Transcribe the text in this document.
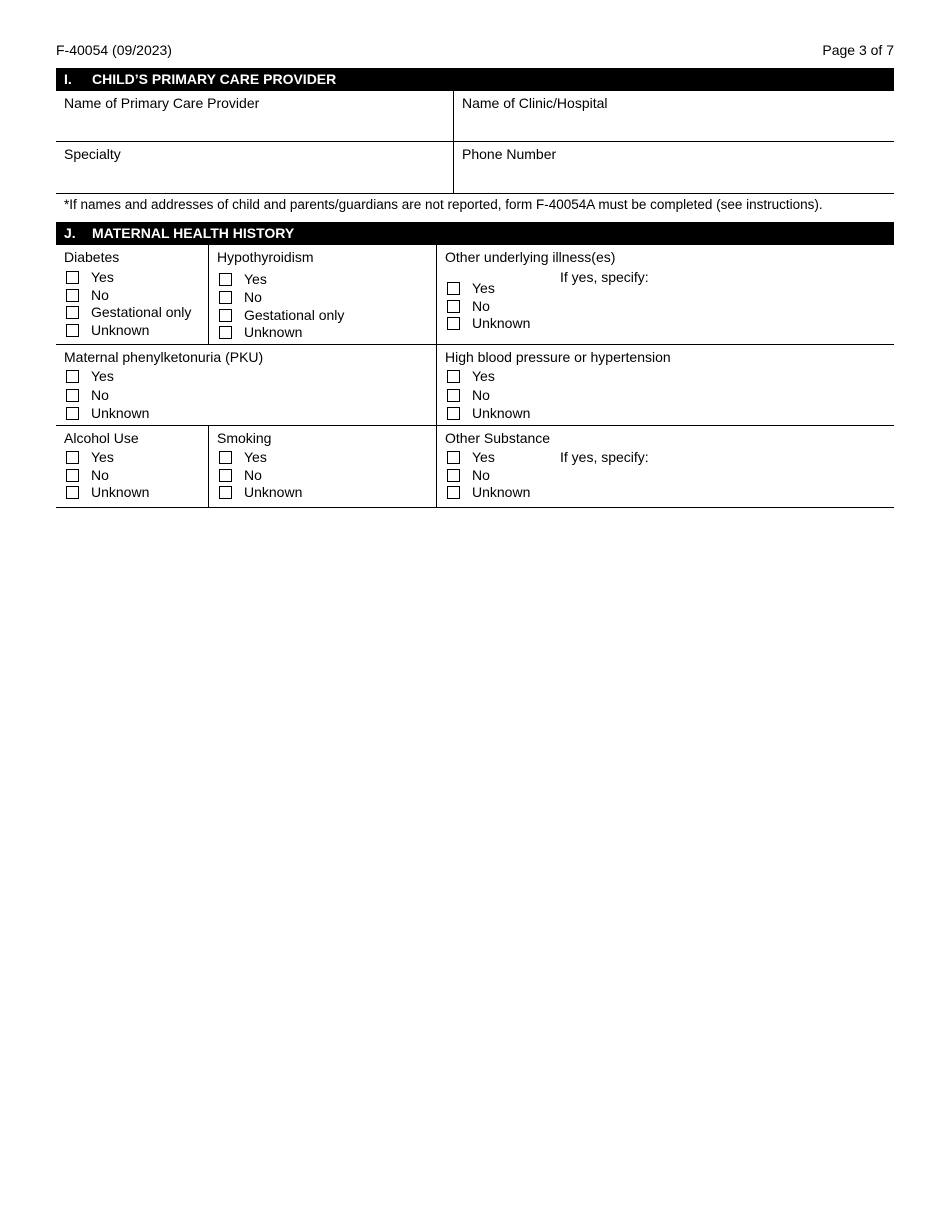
F-40054 (09/2023)	Page 3 of 7
I. CHILD’S PRIMARY CARE PROVIDER
Name of Primary Care Provider	Name of Clinic/Hospital
Specialty	Phone Number
*If names and addresses of child and parents/guardians are not reported, form F-40054A must be completed (see instructions).
J. MATERNAL HEALTH HISTORY
Diabetes
Yes
No
Gestational only
Unknown
Hypothyroidism
Yes
No
Gestational only
Unknown
Other underlying illness(es)
If yes, specify:
Yes
No
Unknown
Maternal phenylketonuria (PKU)
Yes
No
Unknown
High blood pressure or hypertension
Yes
No
Unknown
Alcohol Use
Yes
No
Unknown
Smoking
Yes
No
Unknown
Other Substance
If yes, specify:
Yes
No
Unknown
